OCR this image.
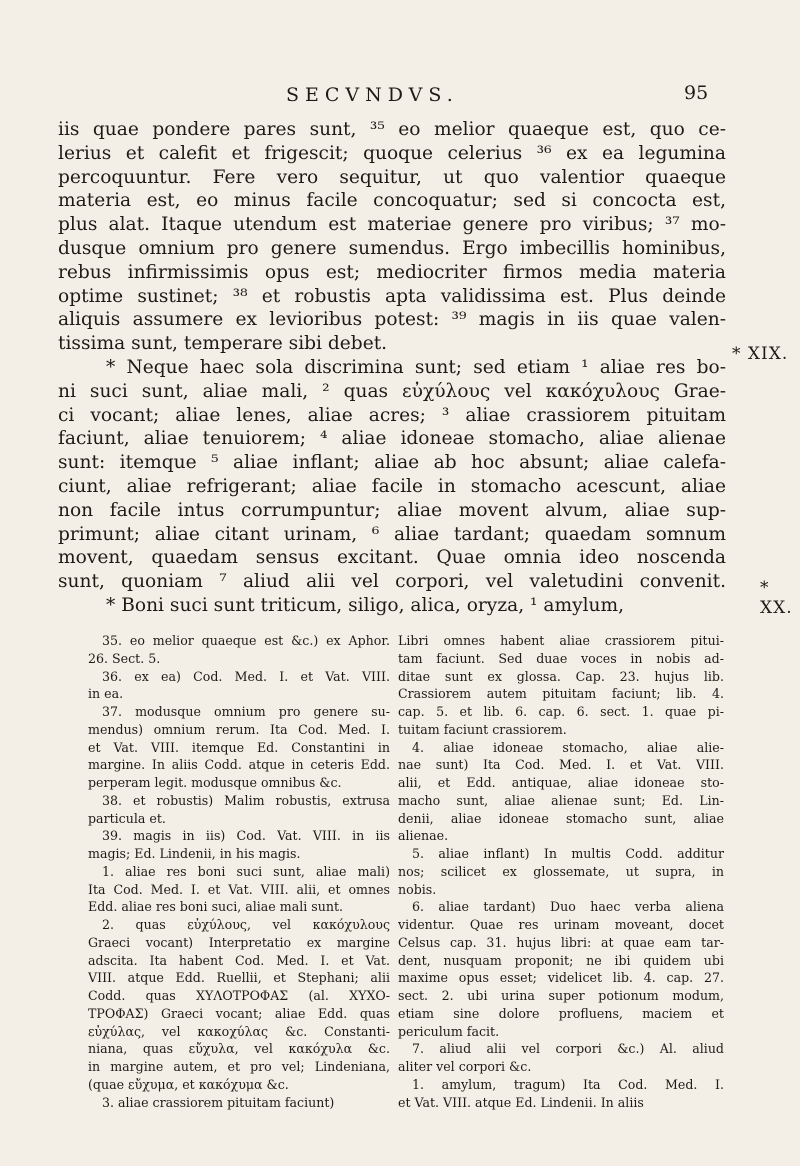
SECVNDVS.	95
iis quae pondere pares sunt, ³⁵ eo melior quaeque est, quo ce-
lerius et calefit et frigescit; quoque celerius ³⁶ ex ea legumina
percoquuntur. Fere vero sequitur, ut quo valentior quaeque
materia est, eo minus facile concoquatur; sed si concocta est,
plus alat. Itaque utendum est materiae genere pro viribus; ³⁷ mo-
dusque omnium pro genere sumendus. Ergo imbecillis hominibus,
rebus infirmissimis opus est; mediocriter firmos media materia
optime sustinet; ³⁸ et robustis apta validissima est. Plus deinde
aliquis assumere ex levioribus potest: ³⁹ magis in iis quae valen-
tissima sunt, temperare sibi debet.
* Neque haec sola discrimina sunt; sed etiam ¹ aliae res bo-
ni suci sunt, aliae mali, ² quas εὐχύλους vel κακόχυλους Grae-
ci vocant; aliae lenes, aliae acres; ³ aliae crassiorem pituitam
faciunt, aliae tenuiorem; ⁴ aliae idoneae stomacho, aliae alienae
sunt: itemque ⁵ aliae inflant; aliae ab hoc absunt; aliae calefa-
ciunt, aliae refrigerant; aliae facile in stomacho acescunt, aliae
non facile intus corrumpuntur; aliae movent alvum, aliae sup-
primunt; aliae citant urinam, ⁶ aliae tardant; quaedam somnum
movent, quaedam sensus excitant. Quae omnia ideo noscenda
sunt, quoniam ⁷ aliud alii vel corpori, vel valetudini convenit.
* Boni suci sunt triticum, siligo, alica, oryza, ¹ amylum,
* XIX.
* XX.
35. eo melior quaeque est &c.) ex Aphor.
26. Sect. 5.
36. ex ea) Cod. Med. I. et Vat. VIII.
in ea.
37. modusque omnium pro genere su-
mendus) omnium rerum. Ita Cod. Med. I.
et Vat. VIII. itemque Ed. Constantini in
margine. In aliis Codd. atque in ceteris Edd.
perperam legit. modusque omnibus &c.
38. et robustis) Malim robustis, extrusa
particula et.
39. magis in iis) Cod. Vat. VIII. in iis
magis; Ed. Lindenii, in his magis.
1. aliae res boni suci sunt, aliae mali)
Ita Cod. Med. I. et Vat. VIII. alii, et omnes
Edd. aliae res boni suci, aliae mali sunt.
2. quas εὐχύλους, vel κακόχυλους
Graeci vocant) Interpretatio ex margine
adscita. Ita habent Cod. Med. I. et Vat.
VIII. atque Edd. Ruellii, et Stephani; alii
Codd. quas ΧΥΛΟΤΡΟΦΑΣ (al. ΧΥΧΟ-
ΤΡΟΦΑΣ) Graeci vocant; aliae Edd. quas
εὐχύλας, vel κακοχύλας &c. Constanti-
niana, quas εὔχυλα, vel κακόχυλα &c.
in margine autem, et pro vel; Lindeniana,
(quae εὔχυμα, et κακόχυμα &c.
3. aliae crassiorem pituitam faciunt)
Libri omnes habent aliae crassiorem pitui-
tam faciunt. Sed duae voces in nobis ad-
ditae sunt ex glossa. Cap. 23. hujus lib.
Crassiorem autem pituitam faciunt; lib. 4.
cap. 5. et lib. 6. cap. 6. sect. 1. quae pi-
tuitam faciunt crassiorem.
4. aliae idoneae stomacho, aliae alie-
nae sunt) Ita Cod. Med. I. et Vat. VIII.
alii, et Edd. antiquae, aliae idoneae sto-
macho sunt, aliae alienae sunt; Ed. Lin-
denii, aliae idoneae stomacho sunt, aliae
alienae.
5. aliae inflant) In multis Codd. additur
nos; scilicet ex glossemate, ut supra, in
nobis.
6. aliae tardant) Duo haec verba aliena
videntur. Quae res urinam moveant, docet
Celsus cap. 31. hujus libri: at quae eam tar-
dent, nusquam proponit; ne ibi quidem ubi
maxime opus esset; videlicet lib. 4. cap. 27.
sect. 2. ubi urina super potionum modum,
etiam sine dolore profluens, maciem et
periculum facit.
7. aliud alii vel corpori &c.) Al. aliud
aliter vel corpori &c.
1. amylum, tragum) Ita Cod. Med. I.
et Vat. VIII. atque Ed. Lindenii. In aliis
